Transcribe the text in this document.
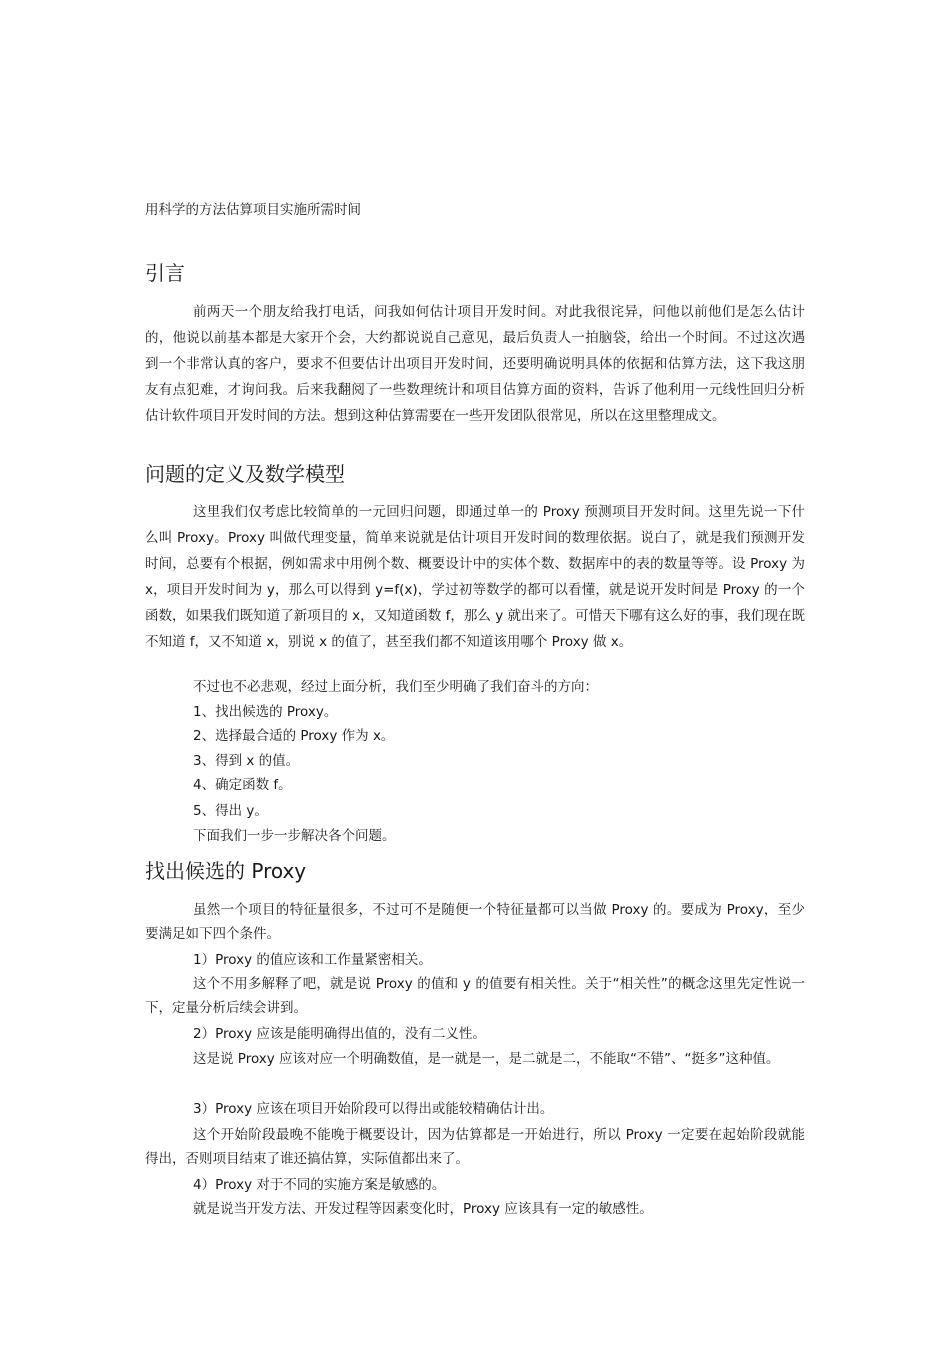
用科学的方法估算项目实施所需时间
引言

前两天一个朋友给我打电话，问我如何估计项目开发时间。对此我很诧异，问他以前他们是怎么估计的，他说以前基本都是大家开个会，大约都说说自己意见，最后负责人一拍脑袋，给出一个时间。不过这次遇到一个非常认真的客户，要求不但要估计出项目开发时间，还要明确说明具体的依据和估算方法，这下我这朋友有点犯难，才询问我。后来我翻阅了一些数理统计和项目估算方面的资料，告诉了他利用一元线性回归分析估计软件项目开发时间的方法。想到这种估算需要在一些开发团队很常见，所以在这里整理成文。

问题的定义及数学模型

这里我们仅考虑比较简单的一元回归问题，即通过单一的 Proxy 预测项目开发时间。这里先说一下什么叫 Proxy。Proxy 叫做代理变量，简单来说就是估计项目开发时间的数理依据。说白了，就是我们预测开发时间，总要有个根据，例如需求中用例个数、概要设计中的实体个数、数据库中的表的数量等等。设 Proxy 为 x，项目开发时间为 y，那么可以得到 y=f(x)，学过初等数学的都可以看懂，就是说开发时间是 Proxy 的一个函数，如果我们既知道了新项目的 x，又知道函数 f，那么 y 就出来了。可惜天下哪有这么好的事，我们现在既不知道 f，又不知道 x，别说 x 的值了，甚至我们都不知道该用哪个 Proxy 做 x。

不过也不必悲观，经过上面分析，我们至少明确了我们奋斗的方向：
1、找出候选的 Proxy。
2、选择最合适的 Proxy 作为 x。
3、得到 x 的值。
4、确定函数 f。
5、得出 y。
下面我们一步一步解决各个问题。
找出候选的 Proxy
虽然一个项目的特征量很多，不过可不是随便一个特征量都可以当做 Proxy 的。要成为 Proxy，至少要满足如下四个条件。
1）Proxy 的值应该和工作量紧密相关。
这个不用多解释了吧，就是说 Proxy 的值和 y 的值要有相关性。关于“相关性”的概念这里先定性说一下，定量分析后续会讲到。
2）Proxy 应该是能明确得出值的，没有二义性。
这是说 Proxy 应该对应一个明确数值，是一就是一，是二就是二，不能取“不错”、“挺多”这种值。
3）Proxy 应该在项目开始阶段可以得出或能较精确估计出。
这个开始阶段最晚不能晚于概要设计，因为估算都是一开始进行，所以 Proxy 一定要在起始阶段就能得出，否则项目结束了谁还搞估算，实际值都出来了。
4）Proxy 对于不同的实施方案是敏感的。
就是说当开发方法、开发过程等因素变化时，Proxy 应该具有一定的敏感性。
